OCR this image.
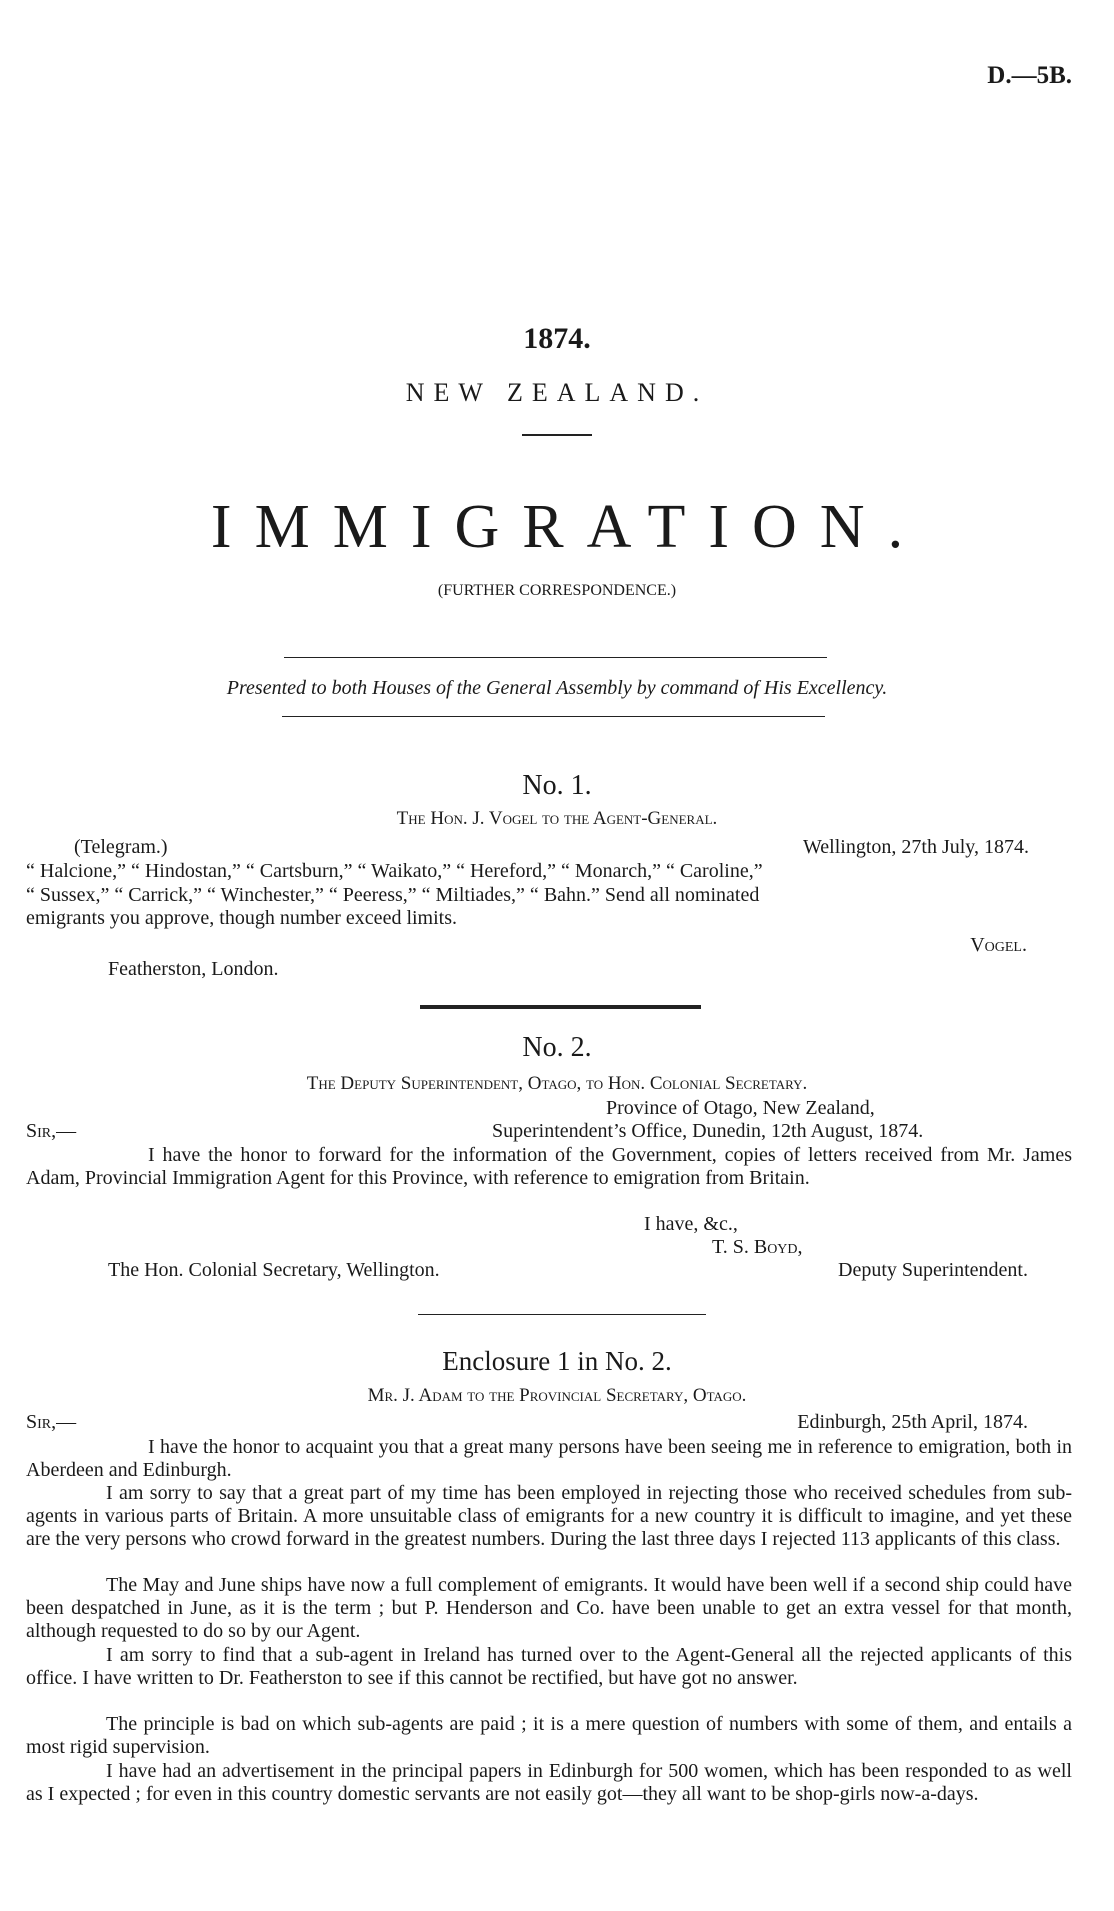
D.—5B.
1874.
NEW ZEALAND.
IMMIGRATION.
(FURTHER CORRESPONDENCE.)
Presented to both Houses of the General Assembly by command of His Excellency.
No. 1.
The Hon. J. Vogel to the Agent-General.
(Telegram.)	Wellington, 27th July, 1874.
“ Halcione,” “ Hindostan,” “ Cartsburn,” “ Waikato,” “ Hereford,” “ Monarch,” “ Caroline,”
“ Sussex,” “ Carrick,” “ Winchester,” “ Peeress,” “ Miltiades,” “ Bahn.” Send all nominated
emigrants you approve, though number exceed limits.
Vogel.
Featherston, London.
No. 2.
The Deputy Superintendent, Otago, to Hon. Colonial Secretary.
Province of Otago, New Zealand,
Sir,—	Superintendent’s Office, Dunedin, 12th August, 1874.

I have the honor to forward for the information of the Government, copies of letters received from Mr. James Adam, Provincial Immigration Agent for this Province, with reference to emigration from Britain.

I have, &c.,
T. S. Boyd,
The Hon. Colonial Secretary, Wellington.	Deputy Superintendent.
Enclosure 1 in No. 2.
Mr. J. Adam to the Provincial Secretary, Otago.
Sir,—	Edinburgh, 25th April, 1874.

I have the honor to acquaint you that a great many persons have been seeing me in reference to emigration, both in Aberdeen and Edinburgh.

I am sorry to say that a great part of my time has been employed in rejecting those who received schedules from sub-agents in various parts of Britain. A more unsuitable class of emigrants for a new country it is difficult to imagine, and yet these are the very persons who crowd forward in the greatest numbers. During the last three days I rejected 113 applicants of this class.

The May and June ships have now a full complement of emigrants. It would have been well if a second ship could have been despatched in June, as it is the term ; but P. Henderson and Co. have been unable to get an extra vessel for that month, although requested to do so by our Agent.

I am sorry to find that a sub-agent in Ireland has turned over to the Agent-General all the rejected applicants of this office. I have written to Dr. Featherston to see if this cannot be rectified, but have got no answer.

The principle is bad on which sub-agents are paid ; it is a mere question of numbers with some of them, and entails a most rigid supervision.

I have had an advertisement in the principal papers in Edinburgh for 500 women, which has been responded to as well as I expected ; for even in this country domestic servants are not easily got—they all want to be shop-girls now-a-days.
